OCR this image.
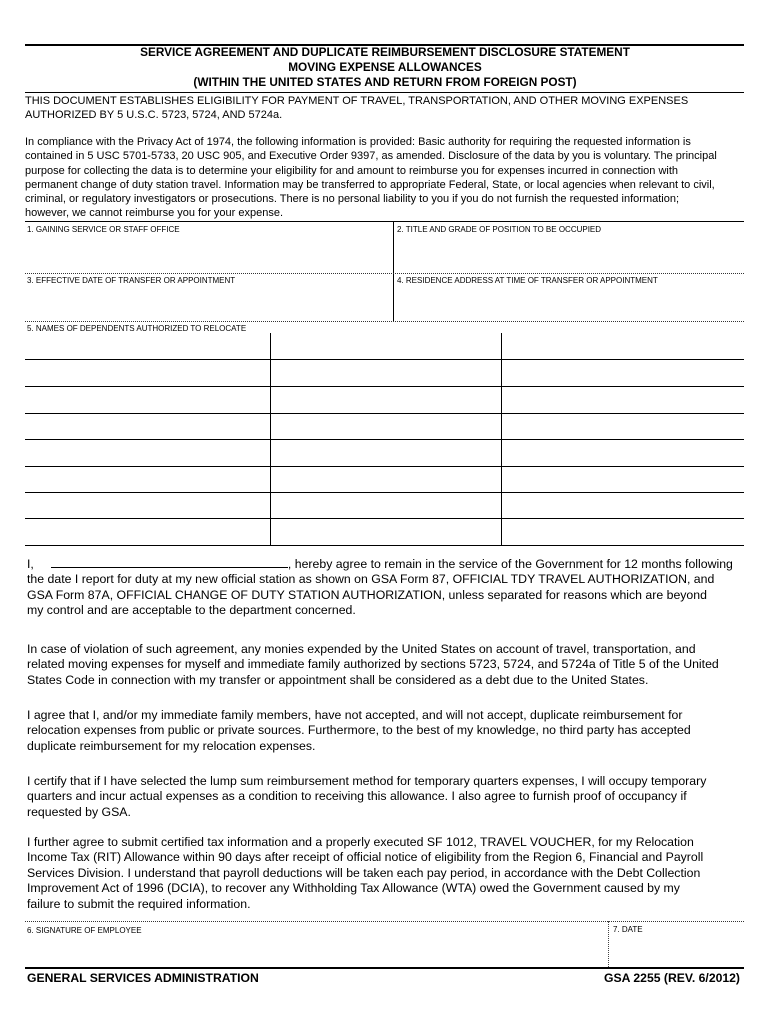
SERVICE AGREEMENT AND DUPLICATE REIMBURSEMENT DISCLOSURE STATEMENT
MOVING EXPENSE ALLOWANCES
(WITHIN THE UNITED STATES AND RETURN FROM FOREIGN POST)
THIS DOCUMENT ESTABLISHES ELIGIBILITY FOR PAYMENT OF TRAVEL, TRANSPORTATION, AND OTHER MOVING EXPENSES
AUTHORIZED BY 5 U.S.C. 5723, 5724, AND 5724a.
In compliance with the Privacy Act of 1974, the following information is provided: Basic authority for requiring the requested information is
contained in 5 USC 5701-5733, 20 USC 905, and Executive Order 9397, as amended. Disclosure of the data by you is voluntary. The principal
purpose for collecting the data is to determine your eligibility for and amount to reimburse you for expenses incurred in connection with
permanent change of duty station travel. Information may be transferred to appropriate Federal, State, or local agencies when relevant to civil,
criminal, or regulatory investigators or prosecutions. There is no personal liability to you if you do not furnish the requested information;
however, we cannot reimburse you for your expense.
1. GAINING SERVICE OR STAFF OFFICE	2. TITLE AND GRADE OF POSITION TO BE OCCUPIED
3. EFFECTIVE DATE OF TRANSFER OR APPOINTMENT	4. RESIDENCE ADDRESS AT TIME OF TRANSFER OR APPOINTMENT
5. NAMES OF DEPENDENTS AUTHORIZED TO RELOCATE
I,	, hereby agree to remain in the service of the Government for 12 months following
the date I report for duty at my new official station as shown on GSA Form 87, OFFICIAL TDY TRAVEL AUTHORIZATION, and
GSA Form 87A, OFFICIAL CHANGE OF DUTY STATION AUTHORIZATION, unless separated for reasons which are beyond
my control and are acceptable to the department concerned.
In case of violation of such agreement, any monies expended by the United States on account of travel, transportation, and
related moving expenses for myself and immediate family authorized by sections 5723, 5724, and 5724a of Title 5 of the United
States Code in connection with my transfer or appointment shall be considered as a debt due to the United States.
I agree that I, and/or my immediate family members, have not accepted, and will not accept, duplicate reimbursement for
relocation expenses from public or private sources. Furthermore, to the best of my knowledge, no third party has accepted
duplicate reimbursement for my relocation expenses.
I certify that if I have selected the lump sum reimbursement method for temporary quarters expenses, I will occupy temporary
quarters and incur actual expenses as a condition to receiving this allowance. I also agree to furnish proof of occupancy if
requested by GSA.
I further agree to submit certified tax information and a properly executed SF 1012, TRAVEL VOUCHER, for my Relocation
Income Tax (RIT) Allowance within 90 days after receipt of official notice of eligibility from the Region 6, Financial and Payroll
Services Division. I understand that payroll deductions will be taken each pay period, in accordance with the Debt Collection
Improvement Act of 1996 (DCIA), to recover any Withholding Tax Allowance (WTA) owed the Government caused by my
failure to submit the required information.
6. SIGNATURE OF EMPLOYEE	7. DATE
GENERAL SERVICES ADMINISTRATION	GSA 2255 (REV. 6/2012)
